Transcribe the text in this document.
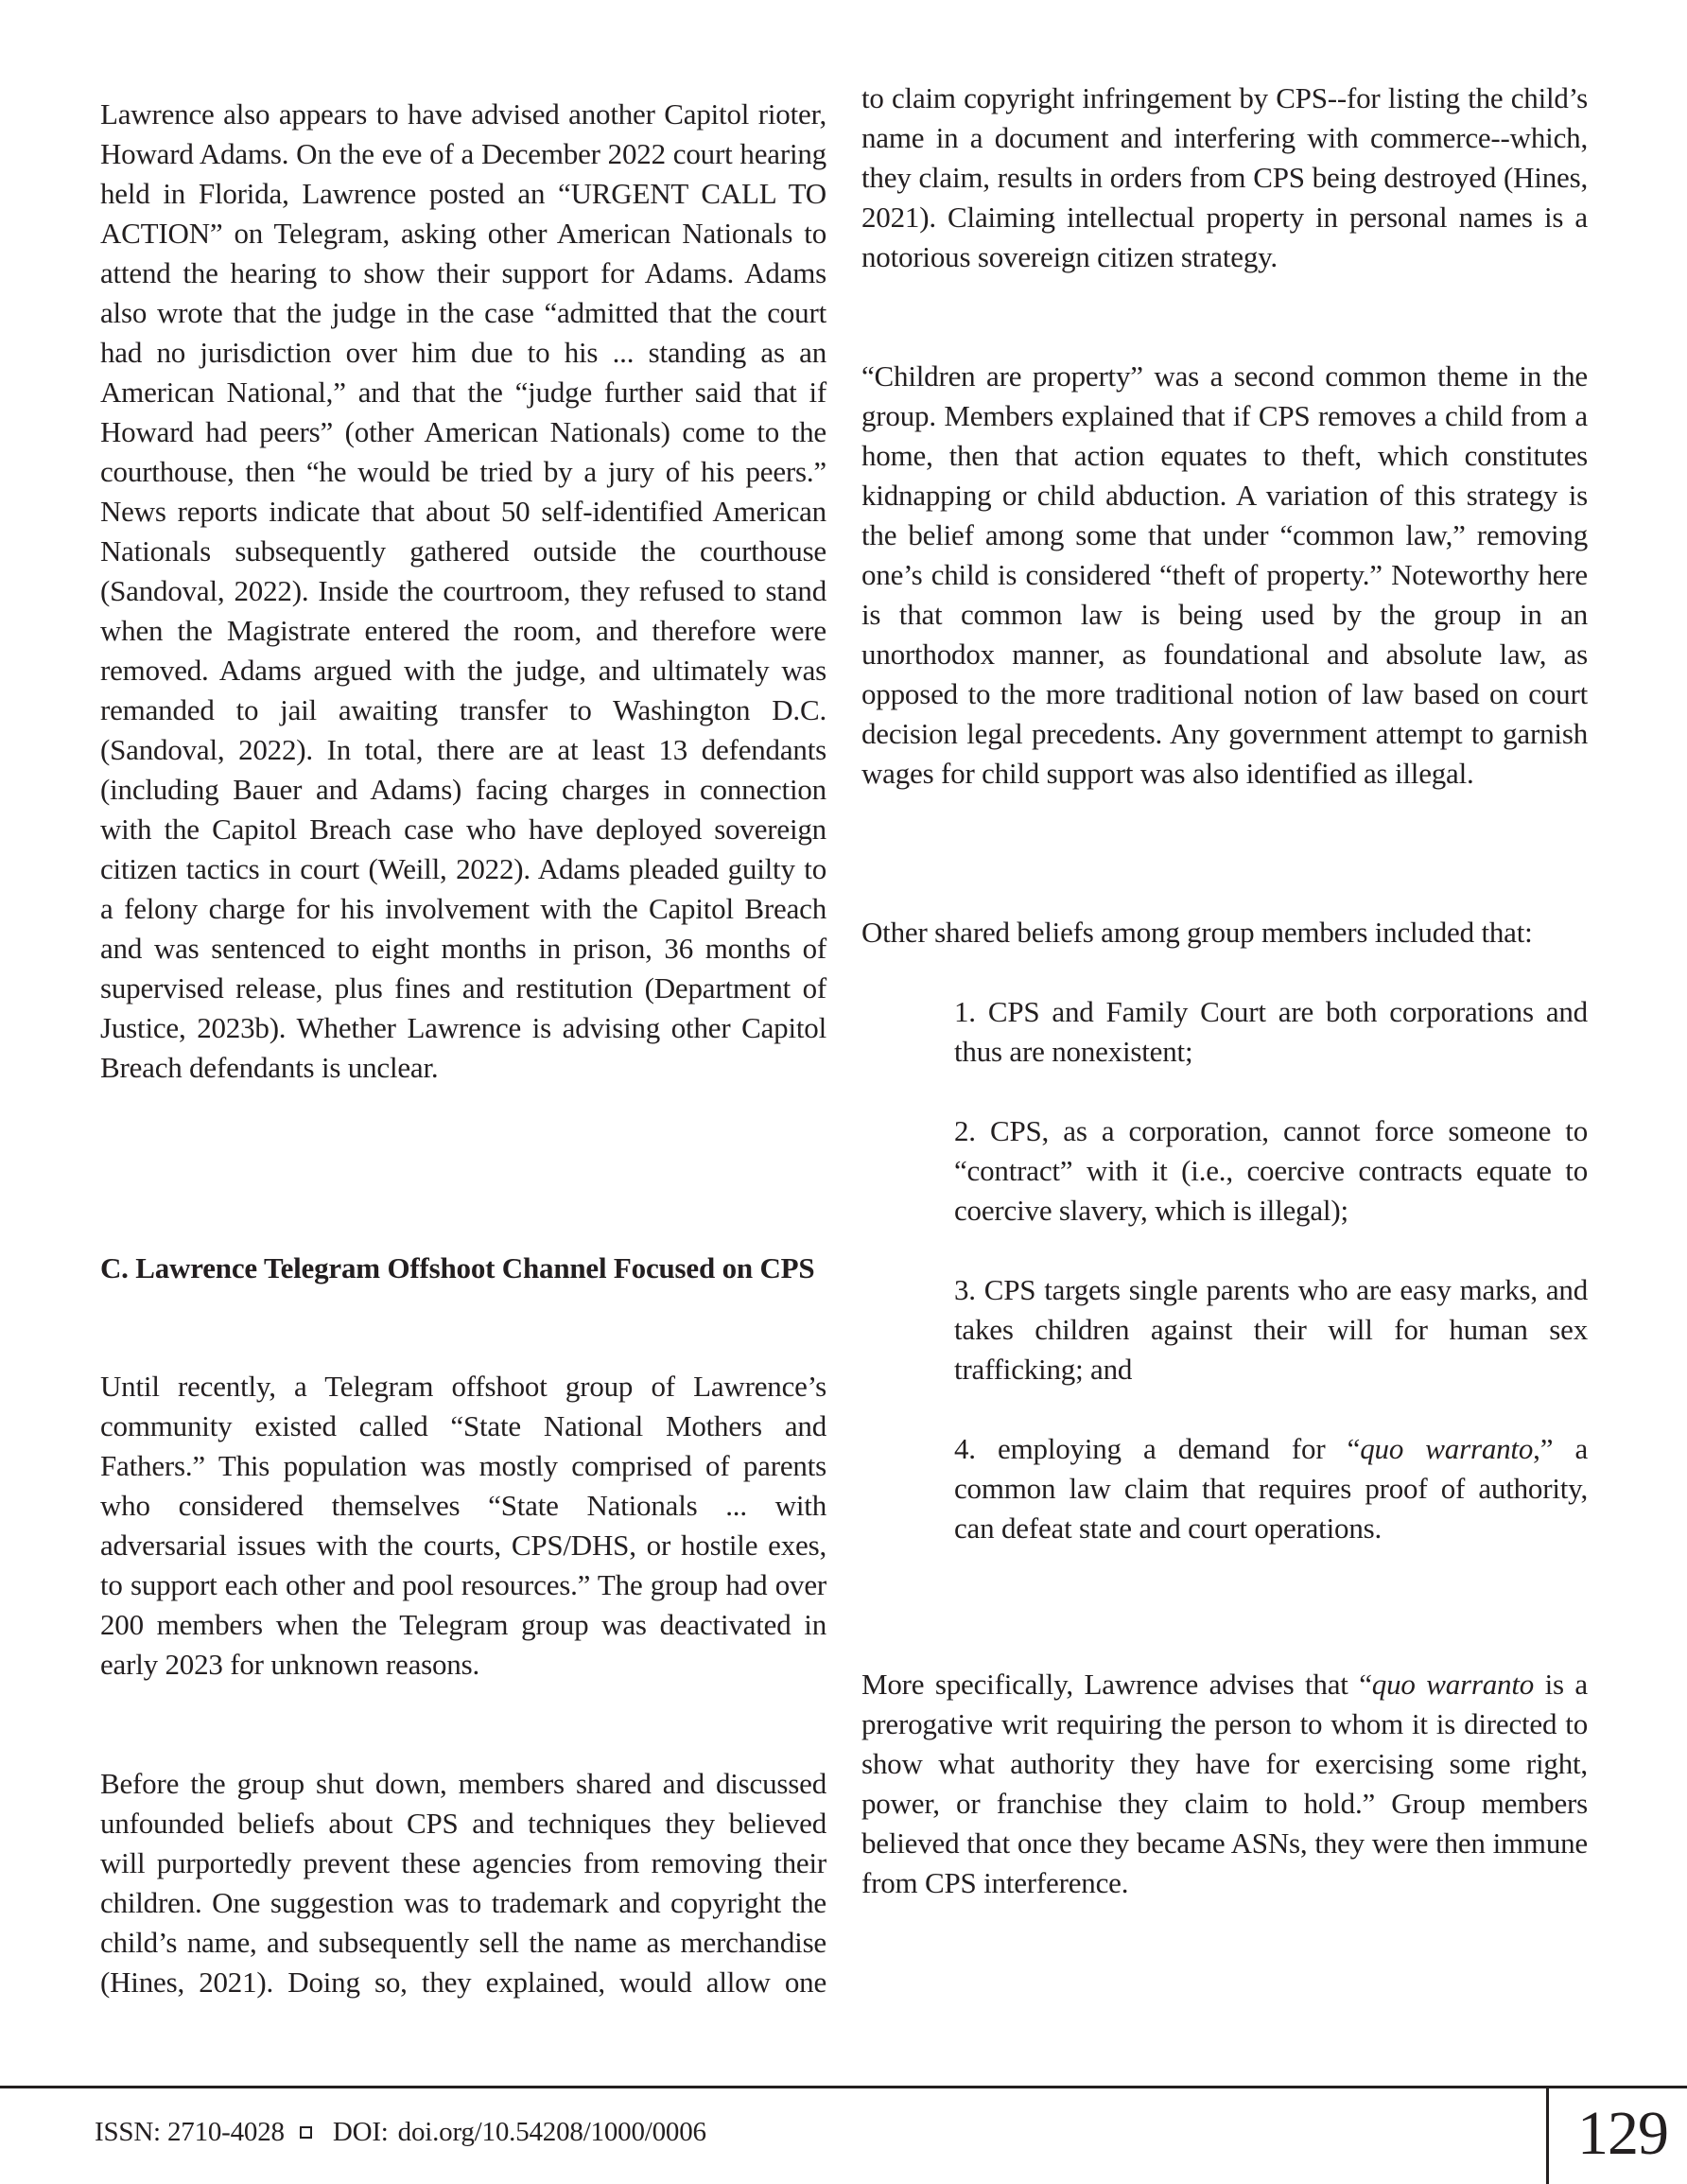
Lawrence also appears to have advised another Capitol rioter, Howard Adams. On the eve of a December 2022 court hearing held in Florida, Lawrence posted an “URGENT CALL TO ACTION” on Telegram, asking other American Nationals to attend the hearing to show their support for Adams. Adams also wrote that the judge in the case “admitted that the court had no jurisdiction over him due to his ... standing as an American National,” and that the “judge further said that if Howard had peers” (other American Nationals) come to the courthouse, then “he would be tried by a jury of his peers.” News reports indicate that about 50 self-identified American Nationals subsequently gathered outside the courthouse (Sandoval, 2022). Inside the courtroom, they refused to stand when the Magistrate entered the room, and therefore were removed. Adams argued with the judge, and ultimately was remanded to jail awaiting transfer to Washington D.C. (Sandoval, 2022). In total, there are at least 13 defendants (including Bauer and Adams) facing charges in connection with the Capitol Breach case who have deployed sovereign citizen tactics in court (Weill, 2022). Adams pleaded guilty to a felony charge for his involvement with the Capitol Breach and was sentenced to eight months in prison, 36 months of supervised release, plus fines and restitution (Department of Justice, 2023b). Whether Lawrence is advising other Capitol Breach defendants is unclear.

C. Lawrence Telegram Offshoot Channel Focused on CPS

Until recently, a Telegram offshoot group of Lawrence’s community existed called “State National Mothers and Fathers.” This population was mostly comprised of parents who considered themselves “State Nationals ... with adversarial issues with the courts, CPS/DHS, or hostile exes, to support each other and pool resources.” The group had over 200 members when the Telegram group was deactivated in early 2023 for unknown reasons.

Before the group shut down, members shared and discussed unfounded beliefs about CPS and techniques they believed will purportedly prevent these agencies from removing their children. One suggestion was to trademark and copyright the child’s name, and subsequently sell the name as merchandise (Hines, 2021). Doing so, they explained, would allow one

to claim copyright infringement by CPS--for listing the child’s name in a document and interfering with commerce--which, they claim, results in orders from CPS being destroyed (Hines, 2021). Claiming intellectual property in personal names is a notorious sovereign citizen strategy.

“Children are property” was a second common theme in the group. Members explained that if CPS removes a child from a home, then that action equates to theft, which constitutes kidnapping or child abduction. A variation of this strategy is the belief among some that under “common law,” removing one’s child is considered “theft of property.” Noteworthy here is that common law is being used by the group in an unorthodox manner, as foundational and absolute law, as opposed to the more traditional notion of law based on court decision legal precedents. Any government attempt to garnish wages for child support was also identified as illegal.

Other shared beliefs among group members included that:

1. CPS and Family Court are both corporations and thus are nonexistent;

2. CPS, as a corporation, cannot force someone to “contract” with it (i.e., coercive contracts equate to coercive slavery, which is illegal);

3. CPS targets single parents who are easy marks, and takes children against their will for human sex trafficking; and

4. employing a demand for “quo warranto,” a common law claim that requires proof of authority, can defeat state and court operations.

More specifically, Lawrence advises that “quo warranto is a prerogative writ requiring the person to whom it is directed to show what authority they have for exercising some right, power, or franchise they claim to hold.” Group members believed that once they became ASNs, they were then immune from CPS interference.

ISSN: 2710-4028 DOI: doi.org/10.54208/1000/0006	129
